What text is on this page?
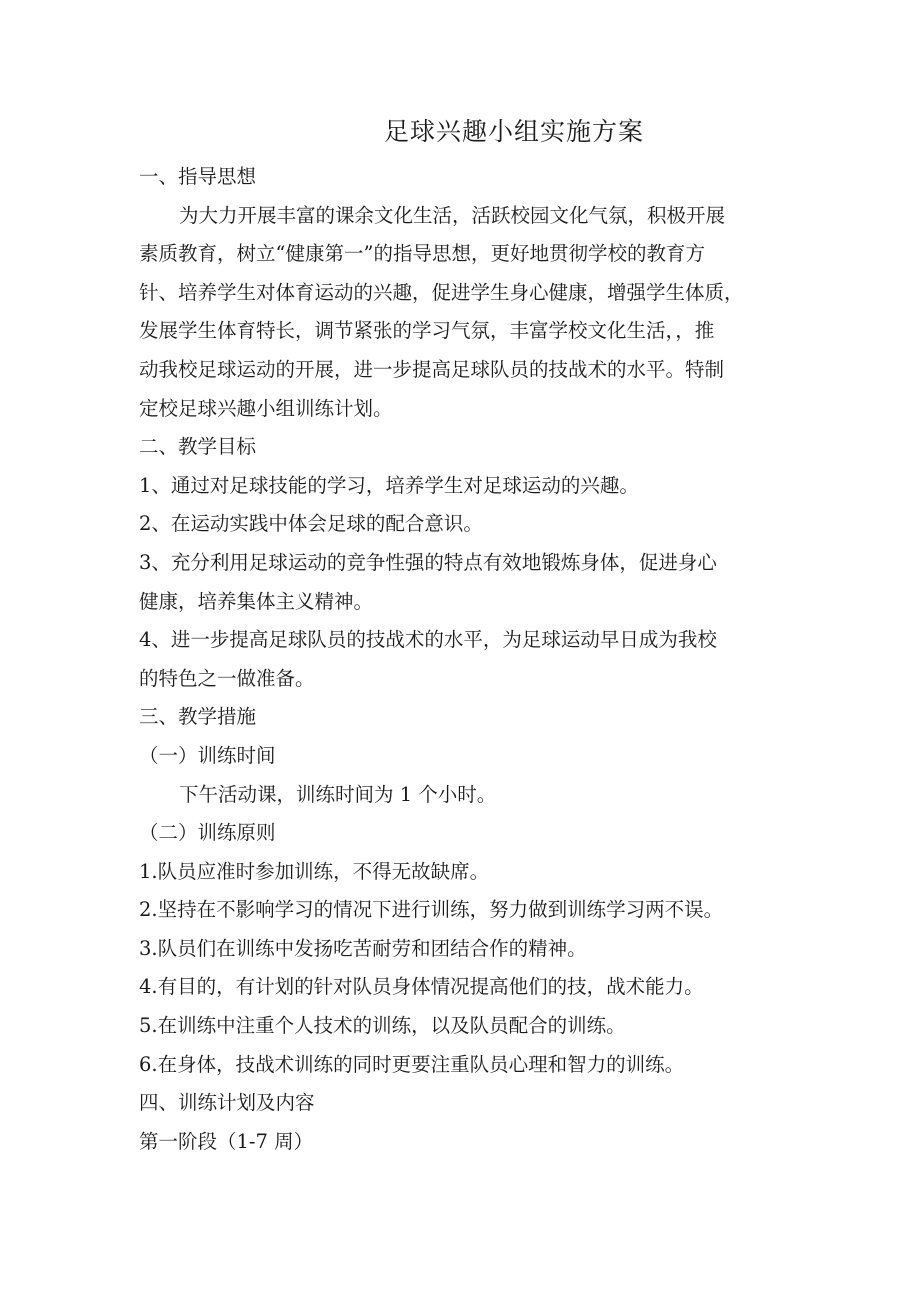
足球兴趣小组实施方案
一、指导思想
为大力开展丰富的课余文化生活，活跃校园文化气氛，积极开展
素质教育，树立“健康第一”的指导思想，更好地贯彻学校的教育方
针、培养学生对体育运动的兴趣，促进学生身心健康，增强学生体质，
发展学生体育特长，调节紧张的学习气氛，丰富学校文化生活，，推
动我校足球运动的开展，进一步提高足球队员的技战术的水平。特制
定校足球兴趣小组训练计划。
二、教学目标
1、通过对足球技能的学习，培养学生对足球运动的兴趣。
2、在运动实践中体会足球的配合意识。
3、充分利用足球运动的竞争性强的特点有效地锻炼身体，促进身心
健康，培养集体主义精神。
4、进一步提高足球队员的技战术的水平，为足球运动早日成为我校
的特色之一做准备。
三、教学措施
（一）训练时间
下午活动课，训练时间为 1 个小时。
（二）训练原则
1.队员应准时参加训练，不得无故缺席。
2.坚持在不影响学习的情况下进行训练，努力做到训练学习两不误。
3.队员们在训练中发扬吃苦耐劳和团结合作的精神。
4.有目的，有计划的针对队员身体情况提高他们的技，战术能力。
5.在训练中注重个人技术的训练，以及队员配合的训练。
6.在身体，技战术训练的同时更要注重队员心理和智力的训练。
四、训练计划及内容
第一阶段（1-7 周）
